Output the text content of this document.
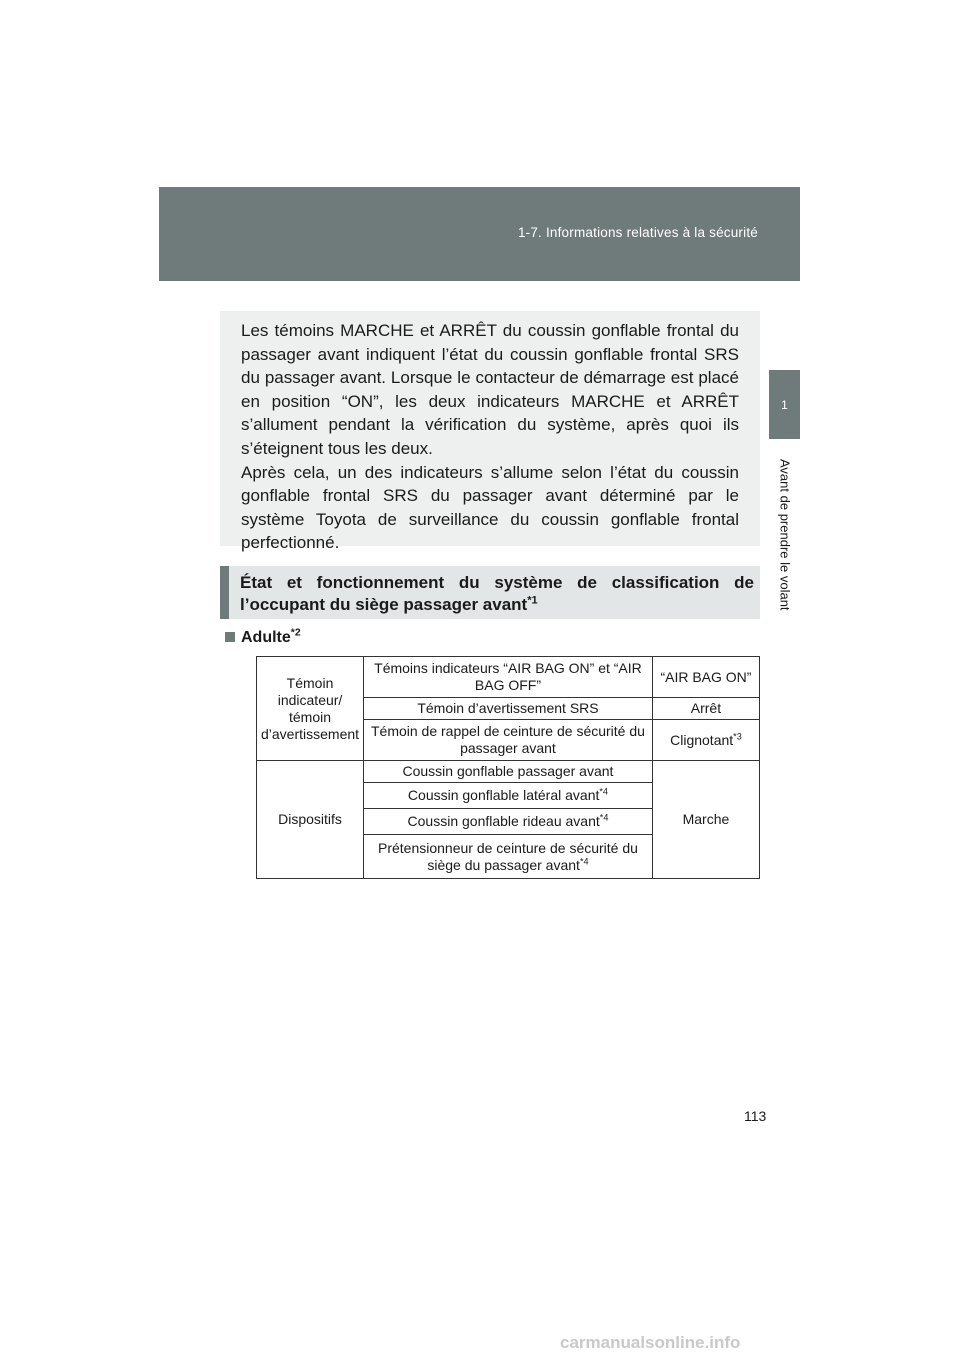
1-7. Informations relatives à la sécurité
1
Avant de prendre le volant

Les témoins MARCHE et ARRÊT du coussin gonflable frontal du passager avant indiquent l’état du coussin gonflable frontal SRS du passager avant. Lorsque le contacteur de démarrage est placé en position “ON”, les deux indicateurs MARCHE et ARRÊT s’allument pendant la vérification du système, après quoi ils s’éteignent tous les deux.

Après cela, un des indicateurs s’allume selon l’état du coussin gonflable frontal SRS du passager avant déterminé par le système Toyota de surveillance du coussin gonflable frontal perfectionné.

État et fonctionnement du système de classification de
l’occupant du siège passager avant$^{*1}$
Adulte$^{*2}$
Témoin indicateur/ témoin d’avertissement	Témoins indicateurs “AIR BAG ON” et “AIR BAG OFF”	“AIR BAG ON”
	Témoin d’avertissement SRS	Arrêt
	Témoin de rappel de ceinture de sécurité du passager avant	Clignotant$^{*3}$
Dispositifs	Coussin gonflable passager avant	Marche
	Coussin gonflable latéral avant$^{*4}$
	Coussin gonflable rideau avant$^{*4}$
	Prétensionneur de ceinture de sécurité du siège du passager avant$^{*4}$
113
carmanualsonline.info
